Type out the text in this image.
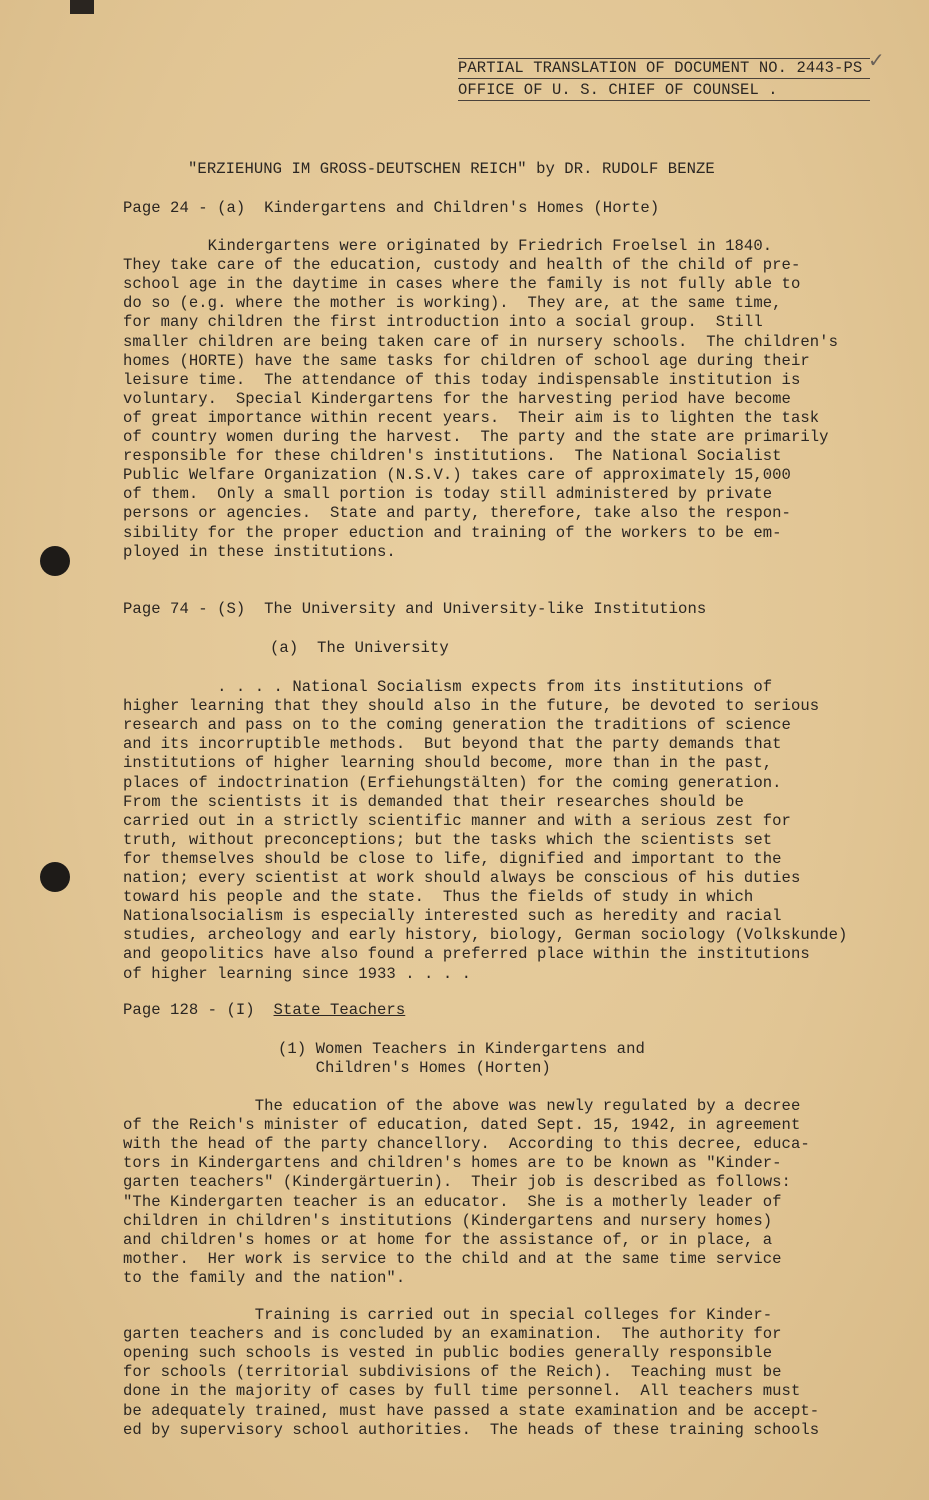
PARTIAL TRANSLATION OF DOCUMENT NO. 2443-PS
OFFICE OF U. S. CHIEF OF COUNSEL .
✓
"ERZIEHUNG IM GROSS-DEUTSCHEN REICH" by DR. RUDOLF BENZE
Page 24 - (a)  Kindergartens and Children's Homes (Horte)
Kindergartens were originated by Friedrich Froelsel in 1840.
They take care of the education, custody and health of the child of pre-
school age in the daytime in cases where the family is not fully able to
do so (e.g. where the mother is working).  They are, at the same time,
for many children the first introduction into a social group.  Still
smaller children are being taken care of in nursery schools.  The children's
homes (HORTE) have the same tasks for children of school age during their
leisure time.  The attendance of this today indispensable institution is
voluntary.  Special Kindergartens for the harvesting period have become
of great importance within recent years.  Their aim is to lighten the task
of country women during the harvest.  The party and the state are primarily
responsible for these children's institutions.  The National Socialist
Public Welfare Organization (N.S.V.) takes care of approximately 15,000
of them.  Only a small portion is today still administered by private
persons or agencies.  State and party, therefore, take also the respon-
sibility for the proper eduction and training of the workers to be em-
ployed in these institutions.
Page 74 - (S)  The University and University-like Institutions
(a)  The University
. . . . National Socialism expects from its institutions of
higher learning that they should also in the future, be devoted to serious
research and pass on to the coming generation the traditions of science
and its incorruptible methods.  But beyond that the party demands that
institutions of higher learning should become, more than in the past,
places of indoctrination (Erfiehungstälten) for the coming generation.
From the scientists it is demanded that their researches should be
carried out in a strictly scientific manner and with a serious zest for
truth, without preconceptions; but the tasks which the scientists set
for themselves should be close to life, dignified and important to the
nation; every scientist at work should always be conscious of his duties
toward his people and the state.  Thus the fields of study in which
Nationalsocialism is especially interested such as heredity and racial
studies, archeology and early history, biology, German sociology (Volkskunde)
and geopolitics have also found a preferred place within the institutions
of higher learning since 1933 . . . .
Page 128 - (I)  State Teachers
(1) Women Teachers in Kindergartens and
Children's Homes (Horten)
The education of the above was newly regulated by a decree
of the Reich's minister of education, dated Sept. 15, 1942, in agreement
with the head of the party chancellory.  According to this decree, educa-
tors in Kindergartens and children's homes are to be known as "Kinder-
garten teachers" (Kindergärtuerin).  Their job is described as follows:
"The Kindergarten teacher is an educator.  She is a motherly leader of
children in children's institutions (Kindergartens and nursery homes)
and children's homes or at home for the assistance of, or in place, a
mother.  Her work is service to the child and at the same time service
to the family and the nation".
Training is carried out in special colleges for Kinder-
garten teachers and is concluded by an examination.  The authority for
opening such schools is vested in public bodies generally responsible
for schools (territorial subdivisions of the Reich).  Teaching must be
done in the majority of cases by full time personnel.  All teachers must
be adequately trained, must have passed a state examination and be accept-
ed by supervisory school authorities.  The heads of these training schools
